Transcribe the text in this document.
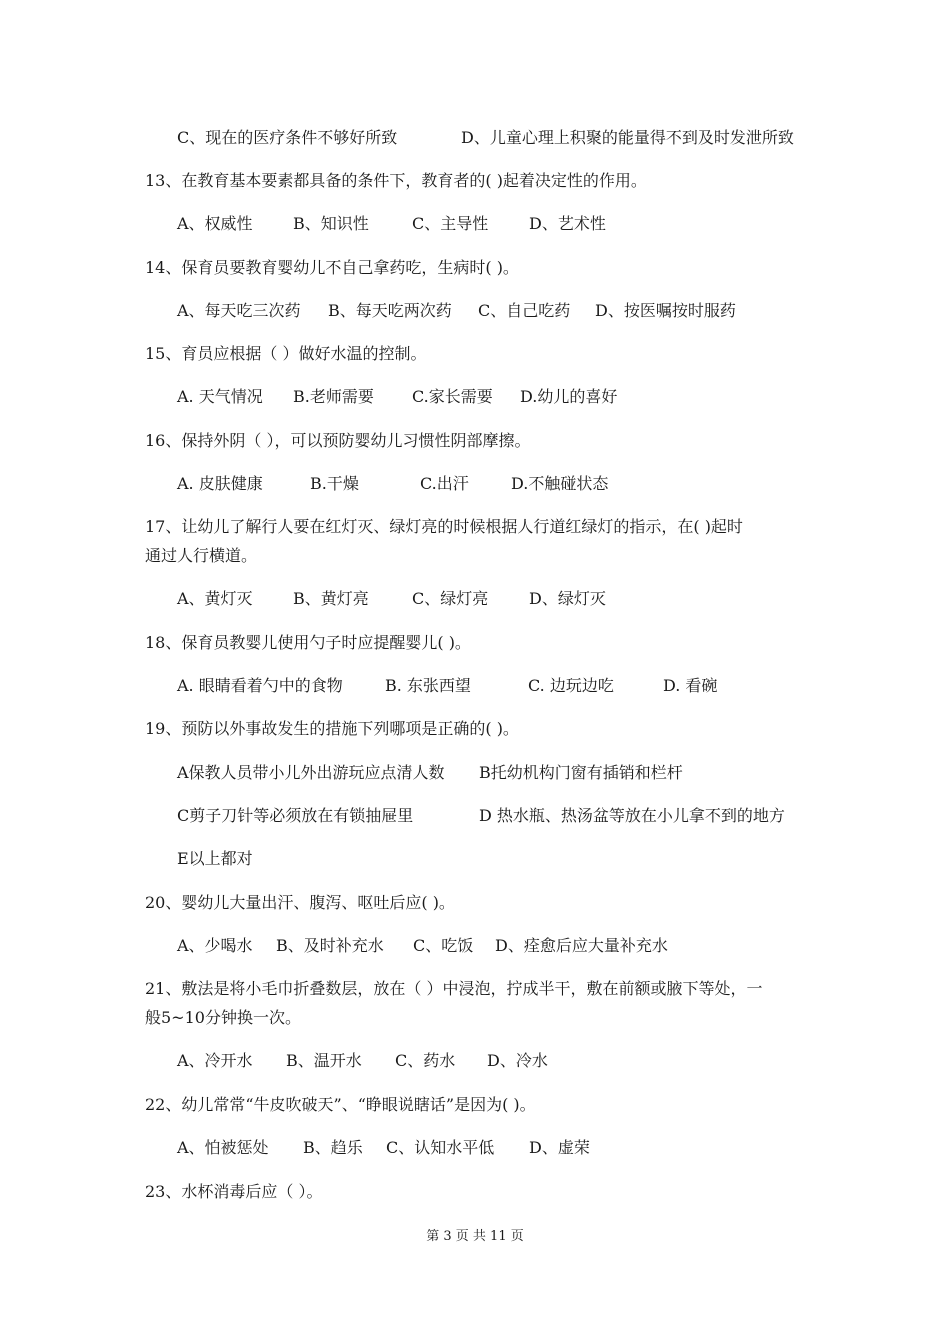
C、现在的医疗条件不够好所致	D、儿童心理上积聚的能量得不到及时发泄所致
13、在教育基本要素都具备的条件下，教育者的( )起着决定性的作用。
A、权威性	B、知识性	C、主导性	D、艺术性
14、保育员要教育婴幼儿不自己拿药吃，生病时( )。
A、每天吃三次药 B、每天吃两次药 C、自己吃药 D、按医嘱按时服药
15、育员应根据（ ）做好水温的控制。
A. 天气情况 B.老师需要 C.家长需要 D.幼儿的喜好
16、保持外阴（ ），可以预防婴幼儿习惯性阴部摩擦。
A. 皮肤健康	B.干燥	C.出汗	D.不触碰状态
17、让幼儿了解行人要在红灯灭、绿灯亮的时候根据人行道红绿灯的指示，在( )起时
通过人行横道。
A、黄灯灭	B、黄灯亮	C、绿灯亮	D、绿灯灭
18、保育员教婴儿使用勺子时应提醒婴儿( )。
A. 眼睛看着勺中的食物	B. 东张西望	C. 边玩边吃	D. 看碗
19、预防以外事故发生的措施下列哪项是正确的( )。
A保教人员带小儿外出游玩应点清人数 B托幼机构门窗有插销和栏杆
C剪子刀针等必须放在有锁抽屉里	D 热水瓶、热汤盆等放在小儿拿不到的地方
E以上都对
20、婴幼儿大量出汗、腹泻、呕吐后应( )。
A、少喝水 B、及时补充水 C、吃饭 D、痊愈后应大量补充水
21、敷法是将小毛巾折叠数层，放在（ ）中浸泡，拧成半干，敷在前额或腋下等处，一
般5~10分钟换一次。
A、冷开水 B、温开水 C、药水 D、冷水
22、幼儿常常“牛皮吹破天”、“睁眼说瞎话”是因为( )。
A、怕被惩处 B、趋乐 C、认知水平低 D、虚荣
23、水杯消毒后应（ ）。
第 3 页 共 11 页
